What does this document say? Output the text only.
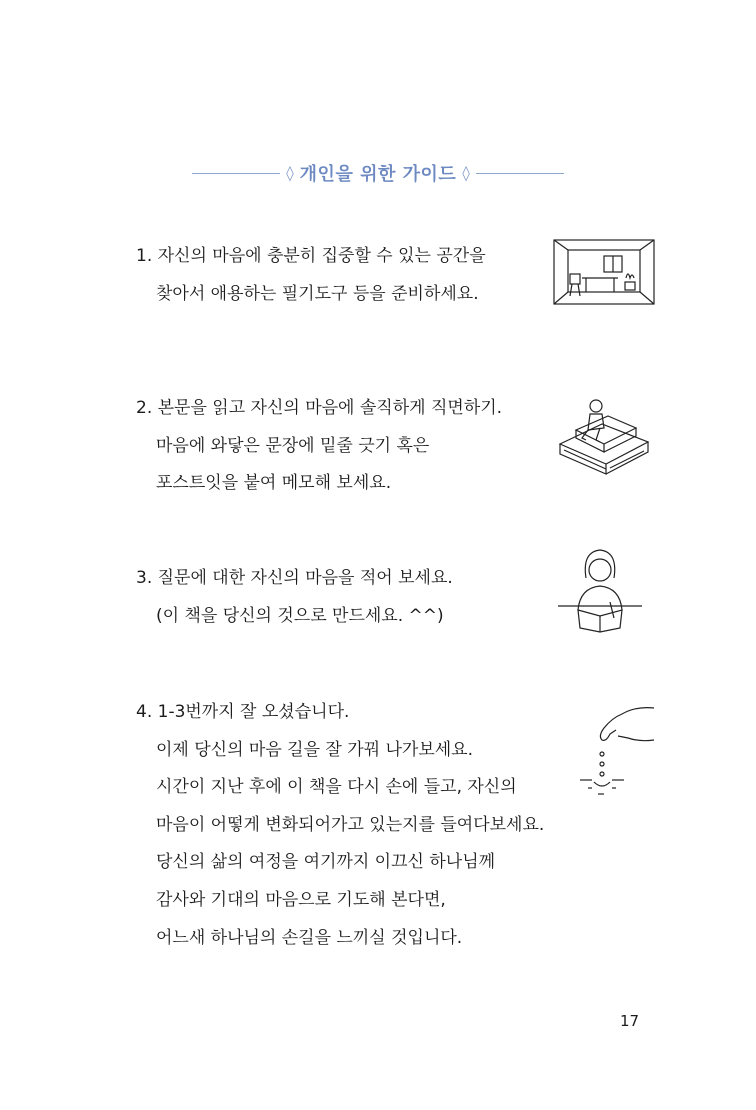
◊ 개인을 위한 가이드 ◊
1. 자신의 마음에 충분히 집중할 수 있는 공간을
찾아서 애용하는 필기도구 등을 준비하세요.
2. 본문을 읽고 자신의 마음에 솔직하게 직면하기.
마음에 와닿은 문장에 밑줄 긋기 혹은
포스트잇을 붙여 메모해 보세요.
3. 질문에 대한 자신의 마음을 적어 보세요.
(이 책을 당신의 것으로 만드세요. ^^)
4. 1-3번까지 잘 오셨습니다.
이제 당신의 마음 길을 잘 가꿔 나가보세요.
시간이 지난 후에 이 책을 다시 손에 들고, 자신의
마음이 어떻게 변화되어가고 있는지를 들여다보세요.
당신의 삶의 여정을 여기까지 이끄신 하나님께
감사와 기대의 마음으로 기도해 본다면,
어느새 하나님의 손길을 느끼실 것입니다.
17
